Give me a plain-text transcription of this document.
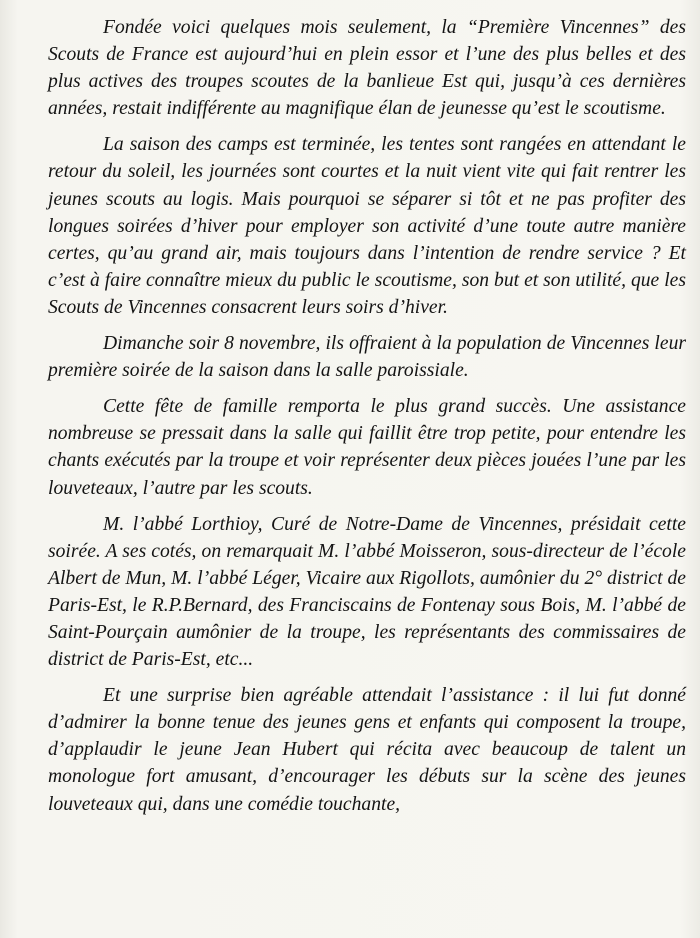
Fondée voici quelques mois seulement, la “Première Vincennes” des Scouts de France est aujourd’hui en plein essor et l’une des plus belles et des plus actives des troupes scoutes de la banlieue Est qui, jusqu’à ces dernières années, restait indifférente au magnifique élan de jeunesse qu’est le scoutisme.

La saison des camps est terminée, les tentes sont rangées en attendant le retour du soleil, les journées sont courtes et la nuit vient vite qui fait rentrer les jeunes scouts au logis. Mais pourquoi se séparer si tôt et ne pas profiter des longues soirées d’hiver pour employer son activité d’une toute autre manière certes, qu’au grand air, mais toujours dans l’intention de rendre service ? Et c’est à faire connaître mieux du public le scoutisme, son but et son utilité, que les Scouts de Vincennes consacrent leurs soirs d’hiver.

Dimanche soir 8 novembre, ils offraient à la population de Vincennes leur première soirée de la saison dans la salle paroissiale.

Cette fête de famille remporta le plus grand succès. Une assistance nombreuse se pressait dans la salle qui faillit être trop petite, pour entendre les chants exécutés par la troupe et voir représenter deux pièces jouées l’une par les louveteaux, l’autre par les scouts.

M. l’abbé Lorthioy, Curé de Notre-Dame de Vincennes, présidait cette soirée. A ses cotés, on remarquait M. l’abbé Moisseron, sous-directeur de l’école Albert de Mun, M. l’abbé Léger, Vicaire aux Rigollots, aumônier du 2° district de Paris-Est, le R.P.Bernard, des Franciscains de Fontenay sous Bois, M. l’abbé de Saint-Pourçain aumônier de la troupe, les représentants des commissaires de district de Paris-Est, etc...

Et une surprise bien agréable attendait l’assistance : il lui fut donné d’admirer la bonne tenue des jeunes gens et enfants qui composent la troupe, d’applaudir le jeune Jean Hubert qui récita avec beaucoup de talent un monologue fort amusant, d’encourager les débuts sur la scène des jeunes louveteaux qui, dans une comédie touchante,
